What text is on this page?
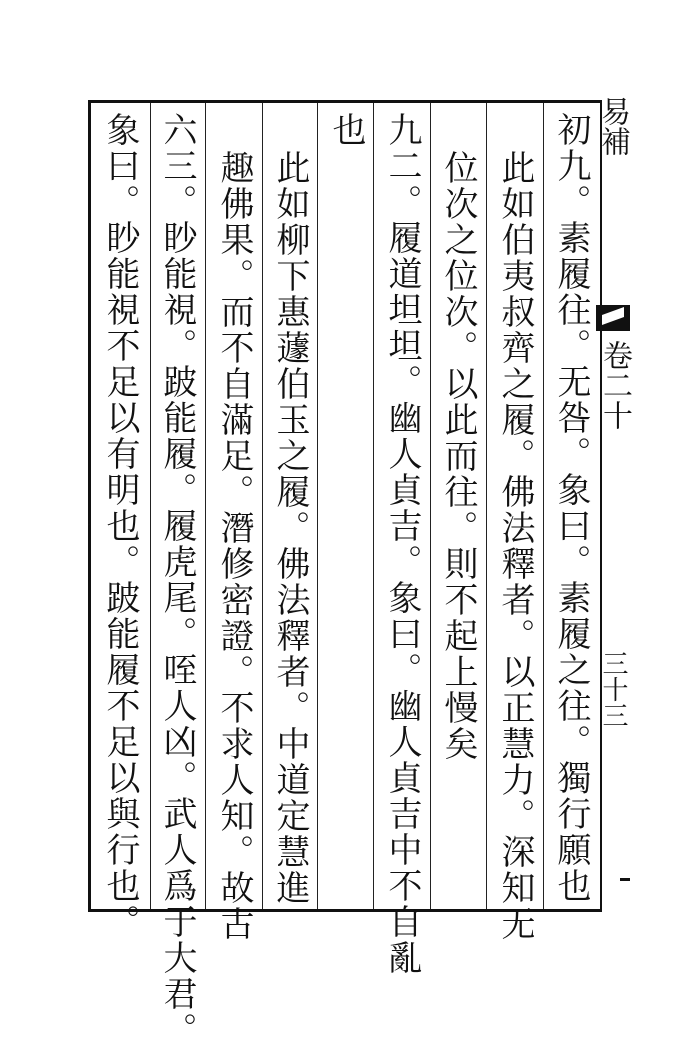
初九。素履往。无咎。象曰。素履之往。獨行願也
此如伯夷叔齊之履。佛法釋者。以正慧力。深知无
位次之位次。以此而往。則不起上慢矣
九二。履道坦坦。幽人貞吉。象曰。幽人貞吉中不自亂
也
此如柳下惠蘧伯玉之履。佛法釋者。中道定慧進
趣佛果。而不自滿足。潛修密證。不求人知。故古
六三。眇能視。跛能履。履虎尾。咥人凶。武人爲于大君。
象曰。眇能視不足以有明也。跛能履不足以與行也。	易補
卷二十
三十三
